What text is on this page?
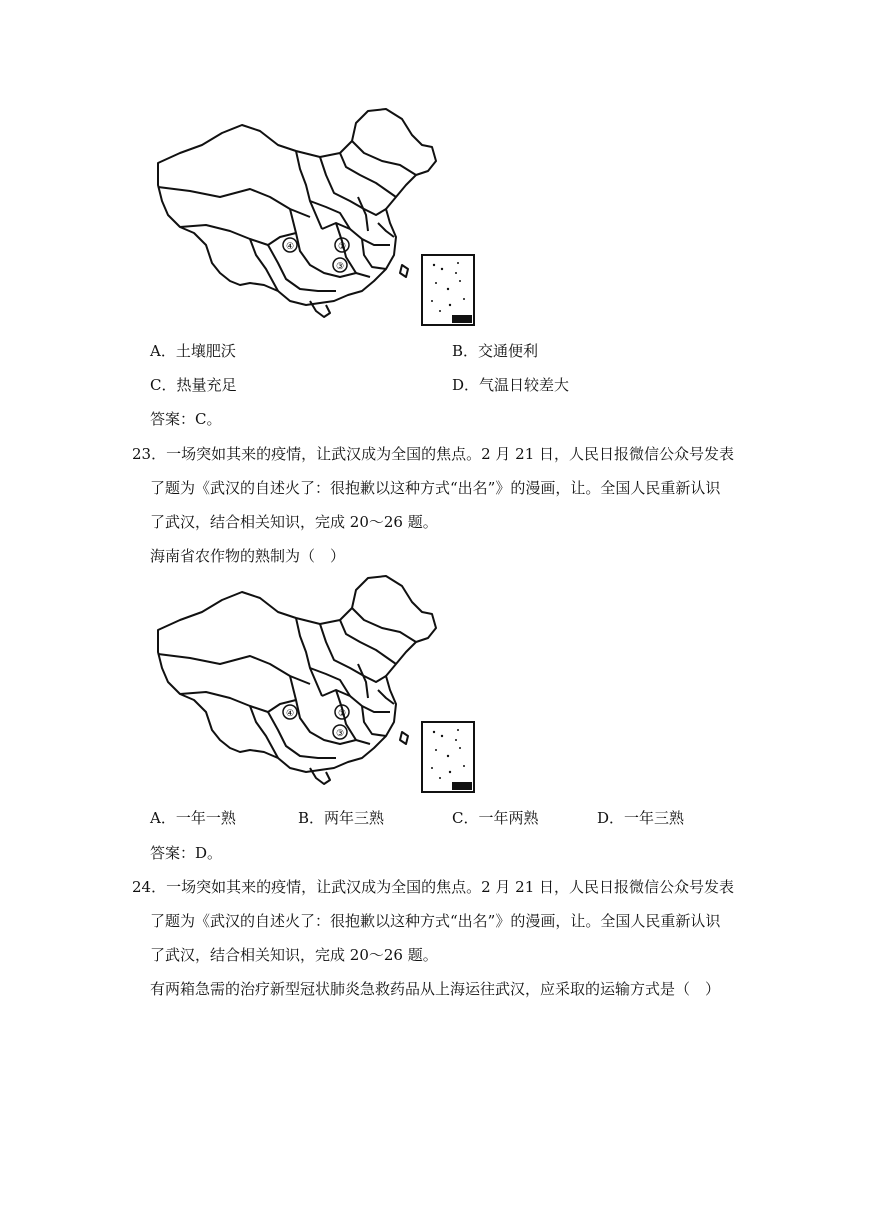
④	①
③
A．土壤肥沃	B．交通便利
C．热量充足	D．气温日较差大
答案：C。
23．一场突如其来的疫情，让武汉成为全国的焦点。2 月 21 日，人民日报微信公众号发表
了题为《武汉的自述火了：很抱歉以这种方式“出名”》的漫画，让。全国人民重新认识
了武汉，结合相关知识，完成 20～26 题。
海南省农作物的熟制为（　）
④	①
③
A．一年一熟	B．两年三熟	C．一年两熟	D．一年三熟
答案：D。
24．一场突如其来的疫情，让武汉成为全国的焦点。2 月 21 日，人民日报微信公众号发表
了题为《武汉的自述火了：很抱歉以这种方式“出名”》的漫画，让。全国人民重新认识
了武汉，结合相关知识，完成 20～26 题。
有两箱急需的治疗新型冠状肺炎急救药品从上海运往武汉，应采取的运输方式是（　）
